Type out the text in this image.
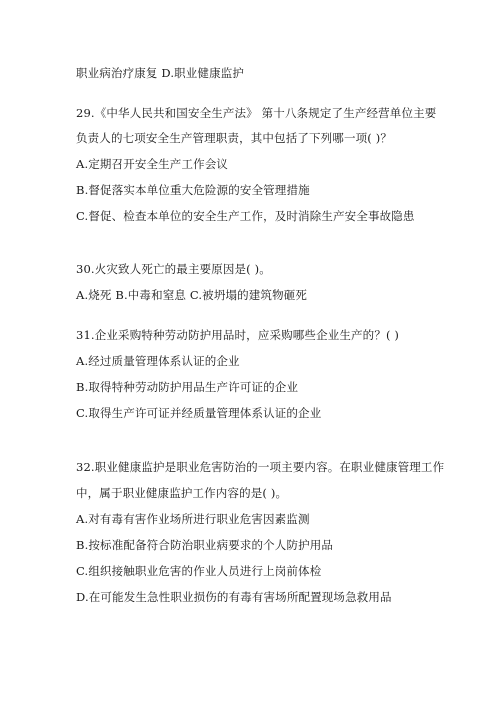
职业病治疗康复 D.职业健康监护
29.《中华人民共和国安全生产法》 第十八条规定了生产经营单位主要
负责人的七项安全生产管理职责，其中包括了下列哪一项( )？
A.定期召开安全生产工作会议
B.督促落实本单位重大危险源的安全管理措施
C.督促、检查本单位的安全生产工作，及时消除生产安全事故隐患
30.火灾致人死亡的最主要原因是( )。
A.烧死 B.中毒和窒息 C.被坍塌的建筑物砸死
31.企业采购特种劳动防护用品时，应采购哪些企业生产的？( )
A.经过质量管理体系认证的企业
B.取得特种劳动防护用品生产许可证的企业
C.取得生产许可证并经质量管理体系认证的企业
32.职业健康监护是职业危害防治的一项主要内容。在职业健康管理工作
中，属于职业健康监护工作内容的是( )。
A.对有毒有害作业场所进行职业危害因素监测
B.按标准配备符合防治职业病要求的个人防护用品
C.组织接触职业危害的作业人员进行上岗前体检
D.在可能发生急性职业损伤的有毒有害场所配置现场急救用品
